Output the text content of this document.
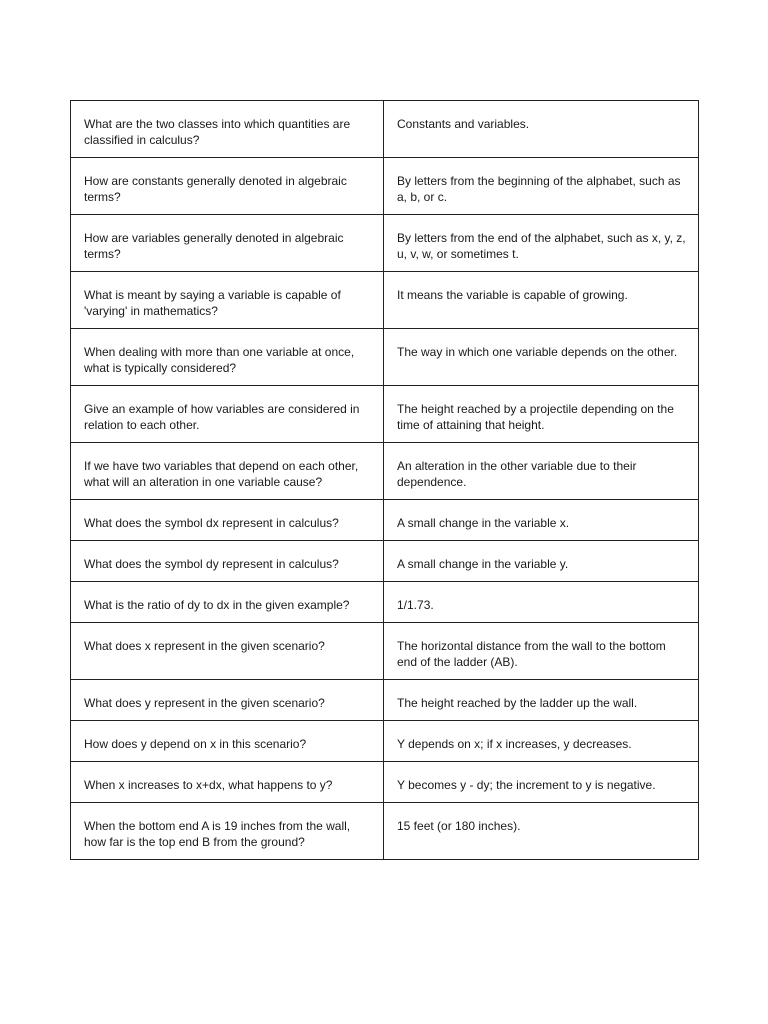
What are the two classes into which quantities are classified in calculus?	Constants and variables.
How are constants generally denoted in algebraic terms?	By letters from the beginning of the alphabet, such as a, b, or c.
How are variables generally denoted in algebraic terms?	By letters from the end of the alphabet, such as x, y, z, u, v, w, or sometimes t.
What is meant by saying a variable is capable of 'varying' in mathematics?	It means the variable is capable of growing.
When dealing with more than one variable at once, what is typically considered?	The way in which one variable depends on the other.
Give an example of how variables are considered in relation to each other.	The height reached by a projectile depending on the time of attaining that height.
If we have two variables that depend on each other, what will an alteration in one variable cause?	An alteration in the other variable due to their dependence.
What does the symbol dx represent in calculus?	A small change in the variable x.
What does the symbol dy represent in calculus?	A small change in the variable y.
What is the ratio of dy to dx in the given example?	1/1.73.
What does x represent in the given scenario?	The horizontal distance from the wall to the bottom end of the ladder (AB).
What does y represent in the given scenario?	The height reached by the ladder up the wall.
How does y depend on x in this scenario?	Y depends on x; if x increases, y decreases.
When x increases to x+dx, what happens to y?	Y becomes y - dy; the increment to y is negative.
When the bottom end A is 19 inches from the wall, how far is the top end B from the ground?	15 feet (or 180 inches).
